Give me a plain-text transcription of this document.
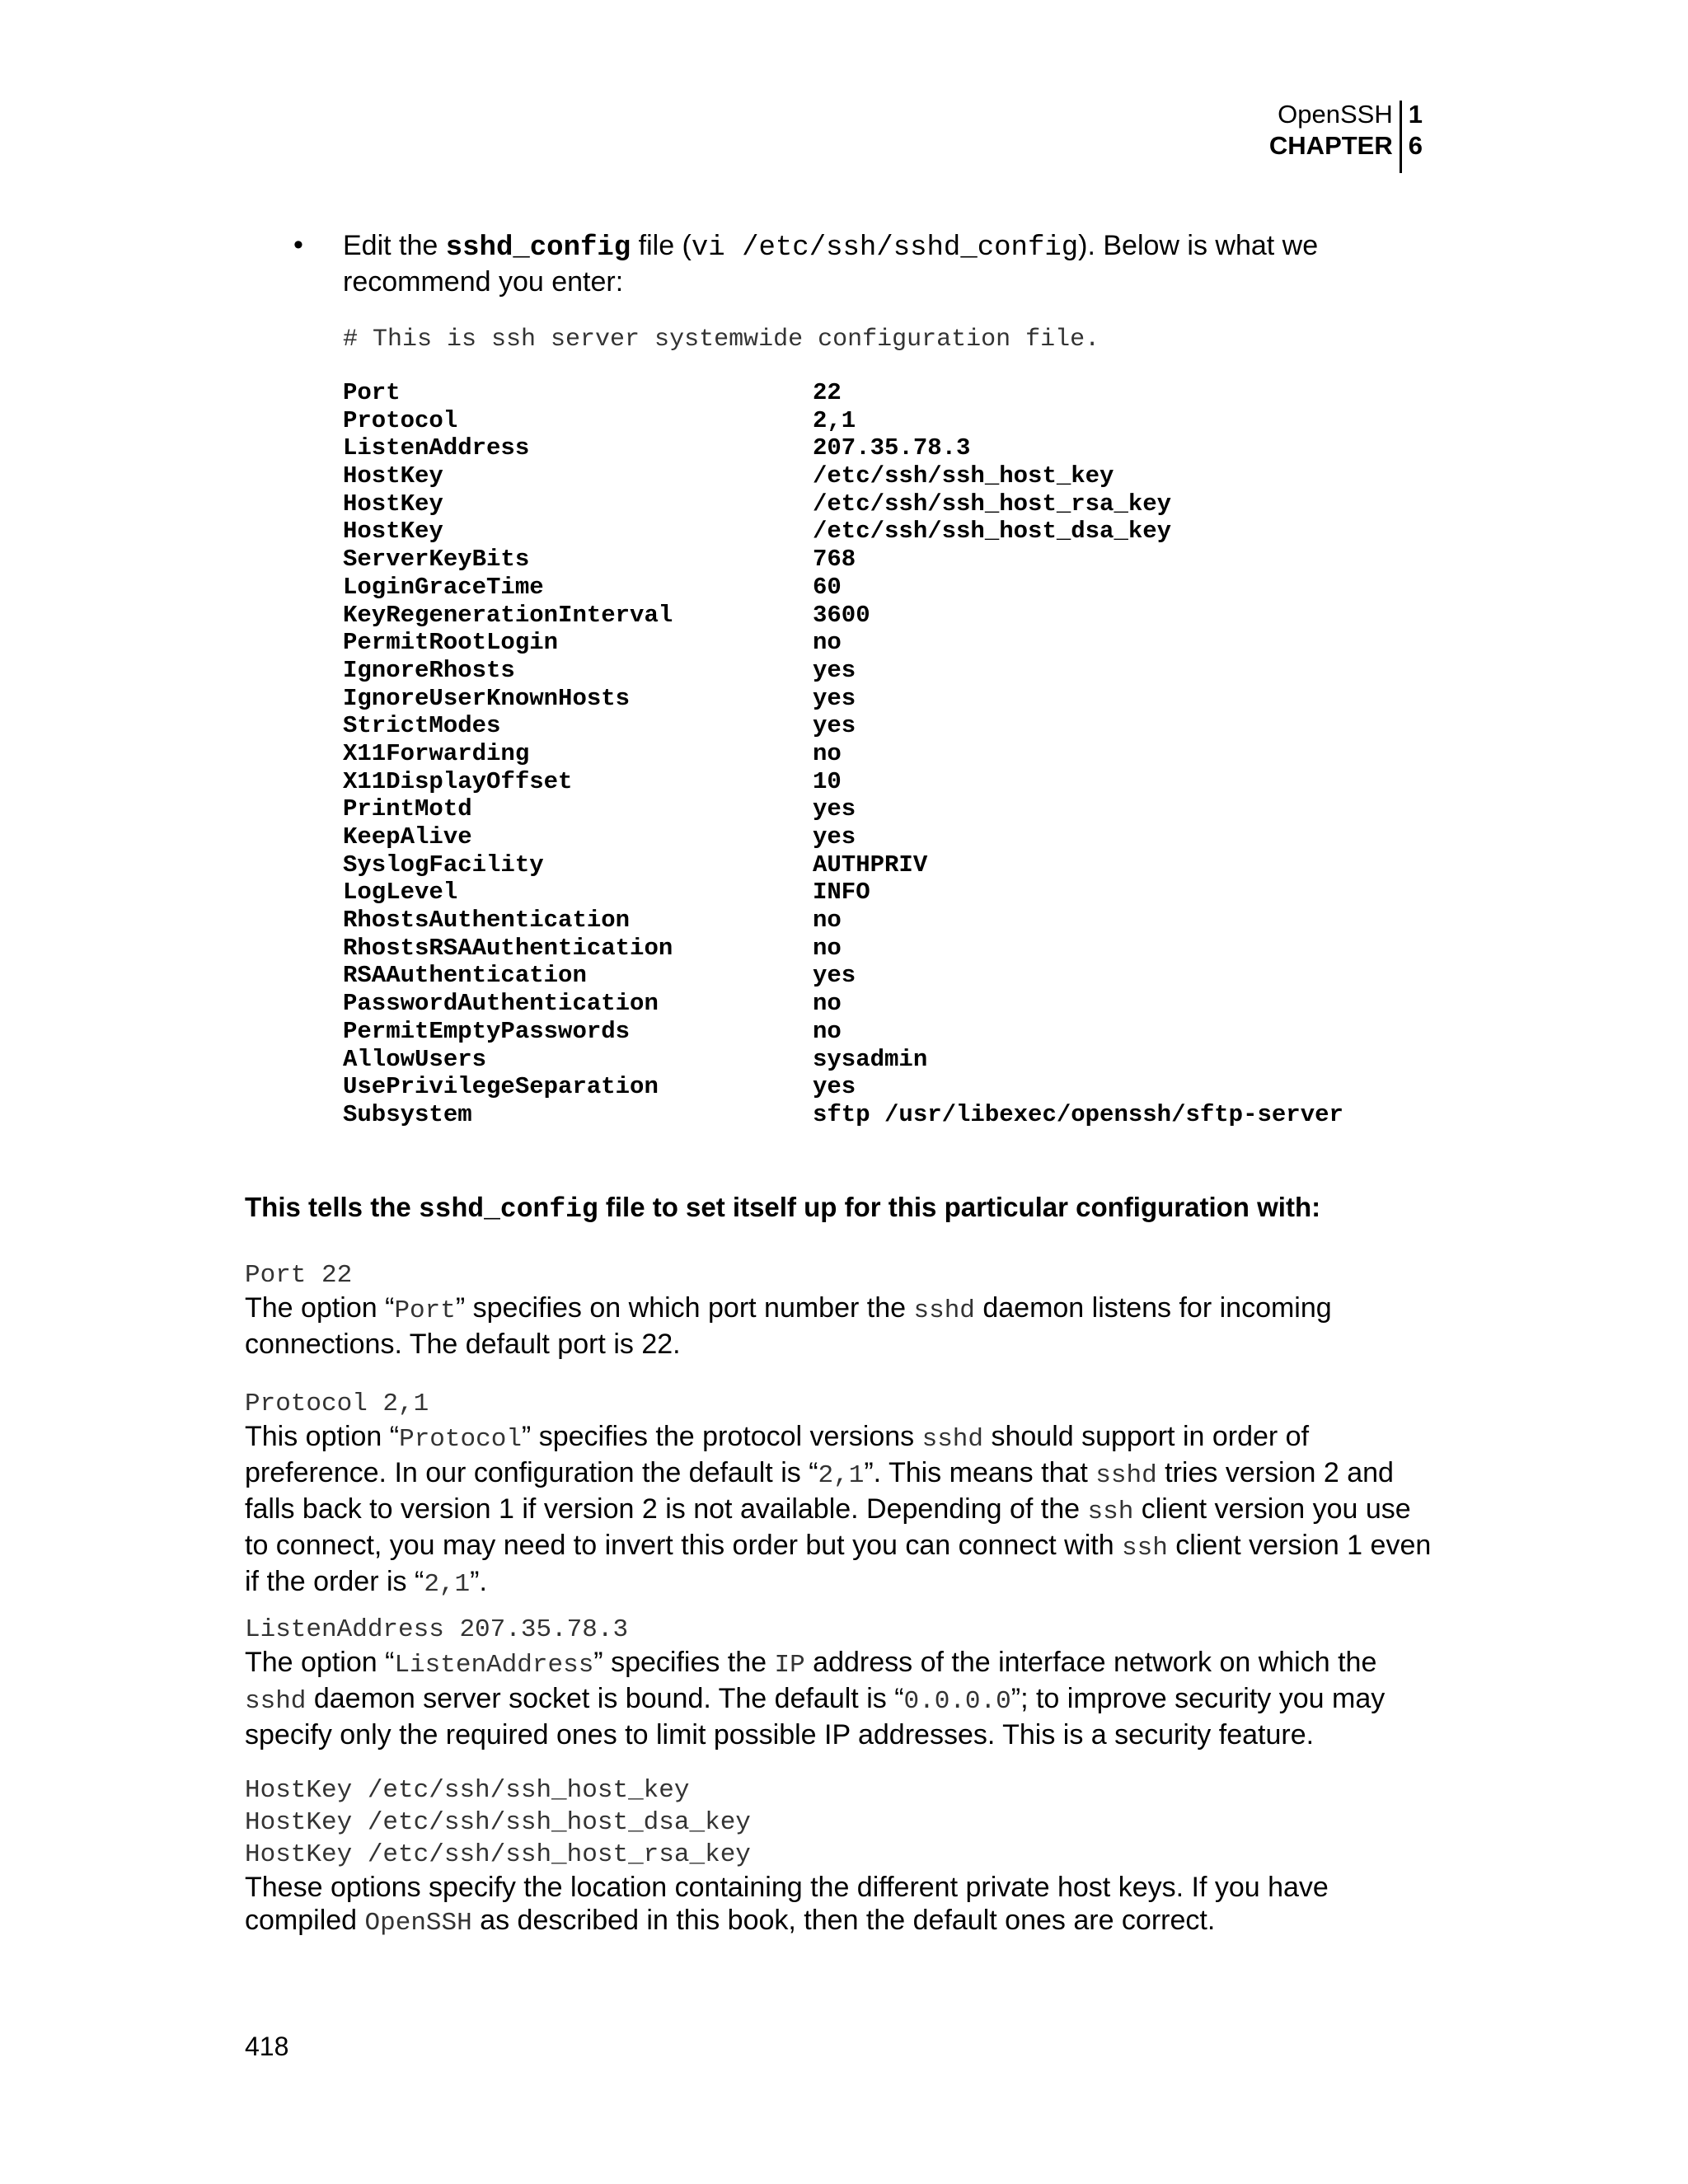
OpenSSH
CHAPTER
1
6
• Edit the sshd_config file (vi /etc/ssh/sshd_config). Below is what we recommend you enter:
# This is ssh server systemwide configuration file.
Port	22
Protocol	2,1
ListenAddress	207.35.78.3
HostKey	/etc/ssh/ssh_host_key
HostKey	/etc/ssh/ssh_host_rsa_key
HostKey	/etc/ssh/ssh_host_dsa_key
ServerKeyBits	768
LoginGraceTime	60
KeyRegenerationInterval	3600
PermitRootLogin	no
IgnoreRhosts	yes
IgnoreUserKnownHosts	yes
StrictModes	yes
X11Forwarding	no
X11DisplayOffset	10
PrintMotd	yes
KeepAlive	yes
SyslogFacility	AUTHPRIV
LogLevel	INFO
RhostsAuthentication	no
RhostsRSAAuthentication	no
RSAAuthentication	yes
PasswordAuthentication	no
PermitEmptyPasswords	no
AllowUsers	sysadmin
UsePrivilegeSeparation	yes
Subsystem	sftp /usr/libexec/openssh/sftp-server
This tells the sshd_config file to set itself up for this particular configuration with:
Port 22
The option “Port” specifies on which port number the sshd daemon listens for incoming connections. The default port is 22.
Protocol 2,1
This option “Protocol” specifies the protocol versions sshd should support in order of preference. In our configuration the default is “2,1”. This means that sshd tries version 2 and falls back to version 1 if version 2 is not available. Depending of the ssh client version you use to connect, you may need to invert this order but you can connect with ssh client version 1 even if the order is “2,1”.
ListenAddress 207.35.78.3
The option “ListenAddress” specifies the IP address of the interface network on which the sshd daemon server socket is bound. The default is “0.0.0.0”; to improve security you may specify only the required ones to limit possible IP addresses. This is a security feature.
HostKey /etc/ssh/ssh_host_key
HostKey /etc/ssh/ssh_host_dsa_key
HostKey /etc/ssh/ssh_host_rsa_key
These options specify the location containing the different private host keys. If you have compiled OpenSSH as described in this book, then the default ones are correct.
418
